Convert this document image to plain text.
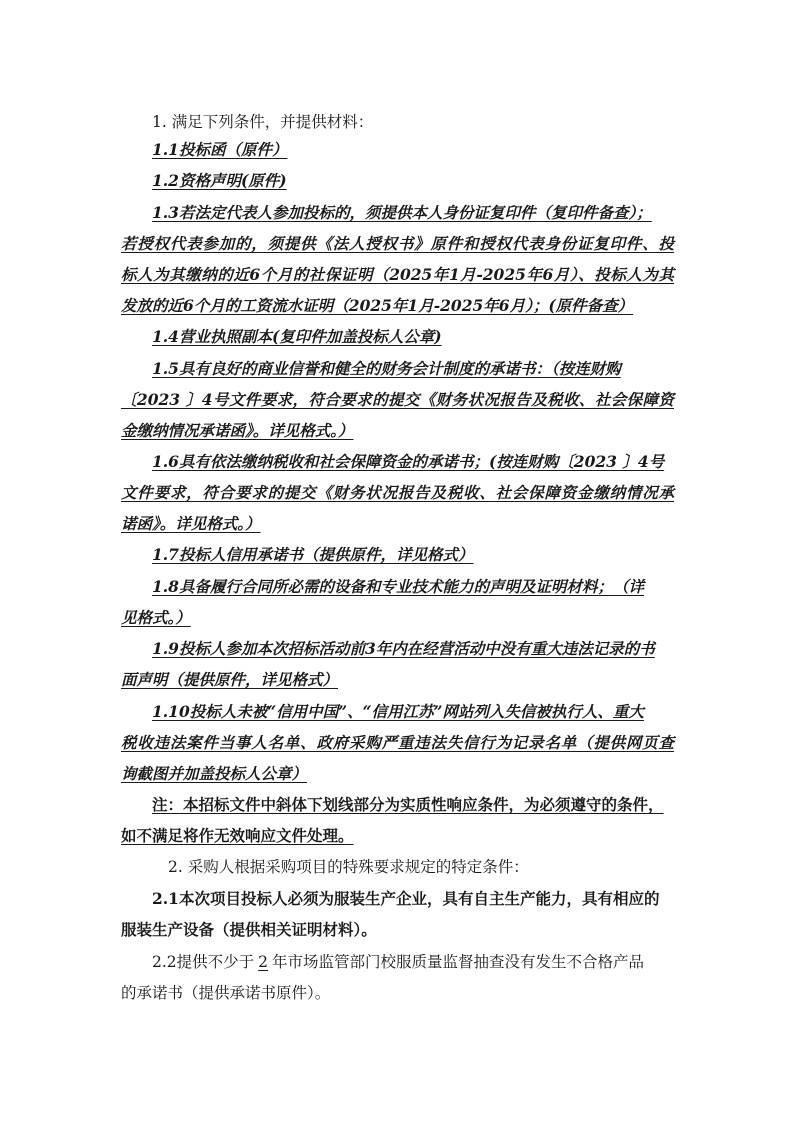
1. 满足下列条件，并提供材料：

1.1投标函（原件）

1.2资格声明(原件)

1.3若法定代表人参加投标的，须提供本人身份证复印件（复印件备查）；

若授权代表参加的，须提供《法人授权书》原件和授权代表身份证复印件、投

标人为其缴纳的近6个月的社保证明（2025年1月-2025年6月）、投标人为其

发放的近6个月的工资流水证明（2025年1月-2025年6月）；(原件备查）

1.4营业执照副本(复印件加盖投标人公章)

1.5具有良好的商业信誉和健全的财务会计制度的承诺书：（按连财购

〔2023 〕4号文件要求，符合要求的提交《财务状况报告及税收、社会保障资

金缴纳情况承诺函》。详见格式。）

1.6具有依法缴纳税收和社会保障资金的承诺书；(按连财购〔2023 〕4号

文件要求，符合要求的提交《财务状况报告及税收、社会保障资金缴纳情况承

诺函》。详见格式。）

1.7投标人信用承诺书（提供原件，详见格式）

1.8具备履行合同所必需的设备和专业技术能力的声明及证明材料；　（详

见格式。）

1.9投标人参加本次招标活动前3年内在经营活动中没有重大违法记录的书

面声明（提供原件，详见格式）

1.10投标人未被“信用中国”、“信用江苏”网站列入失信被执行人、重大

税收违法案件当事人名单、政府采购严重违法失信行为记录名单（提供网页查

询截图并加盖投标人公章）

注：本招标文件中斜体下划线部分为实质性响应条件，为必须遵守的条件，

如不满足将作无效响应文件处理。

2. 采购人根据采购项目的特殊要求规定的特定条件：

2.1本次项目投标人必须为服装生产企业，具有自主生产能力，具有相应的

服装生产设备（提供相关证明材料）。

2.2提供不少于 2 年市场监管部门校服质量监督抽查没有发生不合格产品

的承诺书（提供承诺书原件）。
